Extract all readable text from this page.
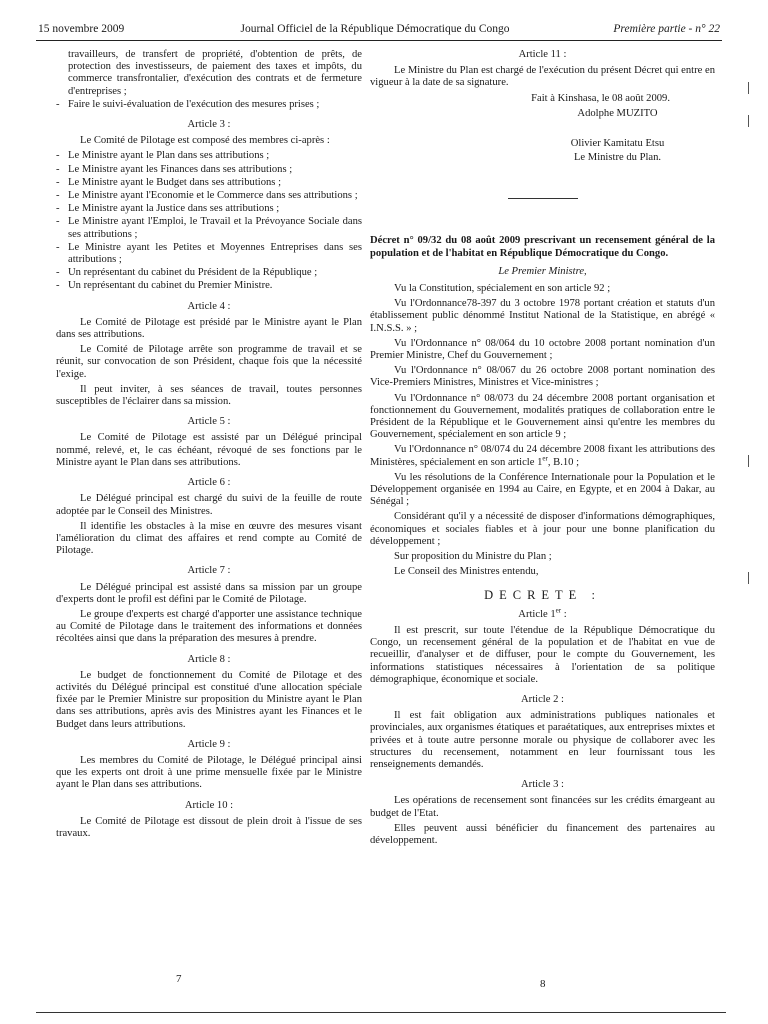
15 novembre 2009	Journal Officiel de la République Démocratique du Congo	Première partie - n° 22

travailleurs, de transfert de propriété, d'obtention de prêts, de protection des investisseurs, de paiement des taxes et impôts, du commerce transfrontalier, d'exécution des contrats et de fermeture d'entreprises ;

- Faire le suivi-évaluation de l'exécution des mesures prises ;
Article 3 :

Le Comité de Pilotage est composé des membres ci-après :

- Le Ministre ayant le Plan dans ses attributions ;
- Le Ministre ayant les Finances dans ses attributions ;
- Le Ministre ayant le Budget dans ses attributions ;
- Le Ministre ayant l'Economie et le Commerce dans ses attributions ;
- Le Ministre ayant la Justice dans ses attributions ;
- Le Ministre ayant l'Emploi, le Travail et la Prévoyance Sociale dans ses attributions ;
- Le Ministre ayant les Petites et Moyennes Entreprises dans ses attributions ;
- Un représentant du cabinet du Président de la République ;
- Un représentant du cabinet du Premier Ministre.
Article 4 :

Le Comité de Pilotage est présidé par le Ministre ayant le Plan dans ses attributions.

Le Comité de Pilotage arrête son programme de travail et se réunit, sur convocation de son Président, chaque fois que la nécessité l'exige.

Il peut inviter, à ses séances de travail, toutes personnes susceptibles de l'éclairer dans sa mission.

Article 5 :

Le Comité de Pilotage est assisté par un Délégué principal nommé, relevé, et, le cas échéant, révoqué de ses fonctions par le Ministre ayant le Plan dans ses attributions.

Article 6 :

Le Délégué principal est chargé du suivi de la feuille de route adoptée par le Conseil des Ministres.

Il identifie les obstacles à la mise en œuvre des mesures visant l'amélioration du climat des affaires et rend compte au Comité de Pilotage.

Article 7 :

Le Délégué principal est assisté dans sa mission par un groupe d'experts dont le profil est défini par le Comité de Pilotage.

Le groupe d'experts est chargé d'apporter une assistance technique au Comité de Pilotage dans le traitement des informations et données récoltées ainsi que dans la préparation des mesures à prendre.

Article 8 :

Le budget de fonctionnement du Comité de Pilotage et des activités du Délégué principal est constitué d'une allocation spéciale fixée par le Premier Ministre sur proposition du Ministre ayant le Plan dans ses attributions, après avis des Ministres ayant les Finances et le Budget dans leurs attributions.

Article 9 :

Les membres du Comité de Pilotage, le Délégué principal ainsi que les experts ont droit à une prime mensuelle fixée par le Ministre ayant le Plan dans ses attributions.

Article 10 :

Le Comité de Pilotage est dissout de plein droit à l'issue de ses travaux.

Article 11 :

Le Ministre du Plan est chargé de l'exécution du présent Décret qui entre en vigueur à la date de sa signature.

Fait à Kinshasa, le 08 août 2009.

Adolphe MUZITO

Olivier Kamitatu Etsu

Le Ministre du Plan.

Décret n° 09/32 du 08 août 2009 prescrivant un recensement général de la population et de l'habitat en République Démocratique du Congo.

Le Premier Ministre,

Vu la Constitution, spécialement en son article 92 ;

Vu l'Ordonnance78-397 du 3 octobre 1978 portant création et statuts d'un établissement public dénommé Institut National de la Statistique, en abrégé « I.N.S.S. » ;

Vu l'Ordonnance n° 08/064 du 10 octobre 2008 portant nomination d'un Premier Ministre, Chef du Gouvernement ;

Vu l'Ordonnance n° 08/067 du 26 octobre 2008 portant nomination des Vice-Premiers Ministres, Ministres et Vice-ministres ;

Vu l'Ordonnance n° 08/073 du 24 décembre 2008 portant organisation et fonctionnement du Gouvernement, modalités pratiques de collaboration entre le Président de la République et le Gouvernement ainsi qu'entre les membres du Gouvernement, spécialement en son article 9 ;

Vu l'Ordonnance n° 08/074 du 24 décembre 2008 fixant les attributions des Ministères, spécialement en son article 1er, B.10 ;

Vu les résolutions de la Conférence Internationale pour la Population et le Développement organisée en 1994 au Caire, en Egypte, et en 2004 à Dakar, au Sénégal ;

Considérant qu'il y a nécessité de disposer d'informations démographiques, économiques et sociales fiables et à jour pour une bonne planification du développement ;

Sur proposition du Ministre du Plan ;

Le Conseil des Ministres entendu,

DECRETE :
Article 1er :

Il est prescrit, sur toute l'étendue de la République Démocratique du Congo, un recensement général de la population et de l'habitat en vue de recueillir, d'analyser et de diffuser, pour le compte du Gouvernement, les informations statistiques nécessaires à l'orientation de sa politique démographique, économique et sociale.

Article 2 :

Il est fait obligation aux administrations publiques nationales et provinciales, aux organismes étatiques et paraétatiques, aux entreprises mixtes et privées et à toute autre personne morale ou physique de collaborer avec les structures du recensement, notamment en leur fournissant tous les renseignements demandés.

Article 3 :

Les opérations de recensement sont financées sur les crédits émargeant au budget de l'Etat.

Elles peuvent aussi bénéficier du financement des partenaires au développement.

7	8
